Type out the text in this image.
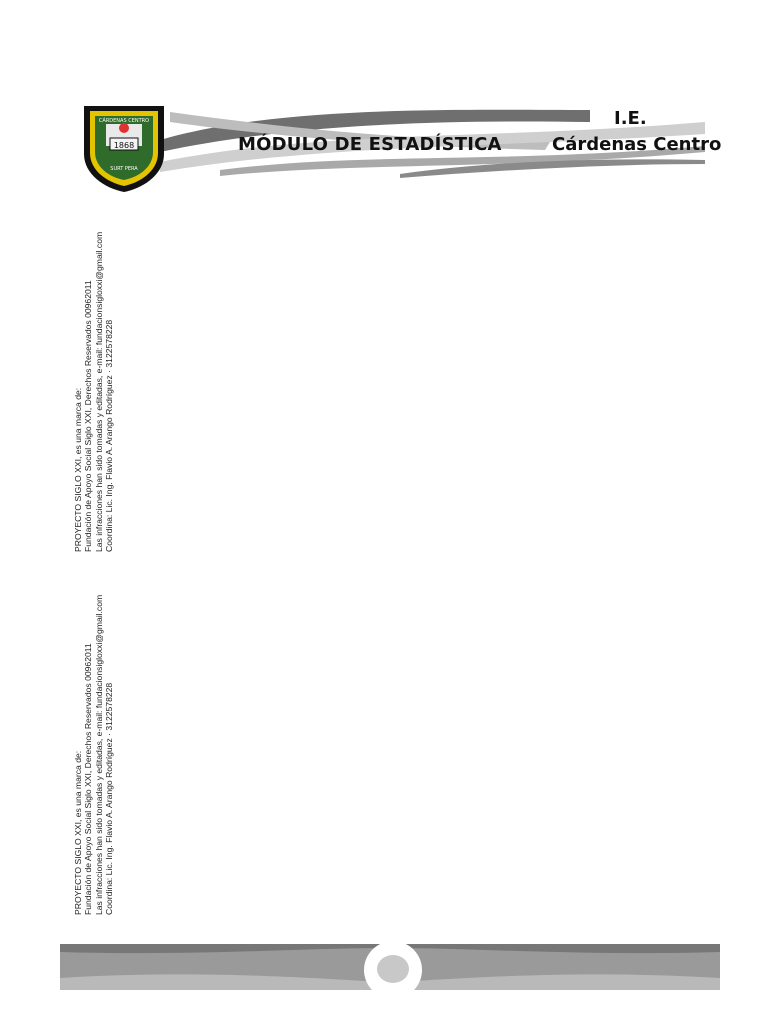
1868
CÁRDENAS CENTRO
SURT PERA
MÓDULO DE ESTADÍSTICA
I.E.
Cárdenas Centro
PROYECTO SIGLO XXI, es una marca de: Fundación de Apoyo Social Siglo XXI, Derechos Reservados 00962011 Las infracciones han sido tomadas y editadas, e-mail: fundacionsigloxxi@gmail.com Coordina: Lic. Ing. Flavio A. Arango Rodríguez · 3122578228
PROYECTO SIGLO XXI, es una marca de: Fundación de Apoyo Social Siglo XXI, Derechos Reservados 00962011 Las infracciones han sido tomadas y editadas, e-mail: fundacionsigloxxi@gmail.com Coordina: Lic. Ing. Flavio A. Arango Rodríguez · 3122578228
